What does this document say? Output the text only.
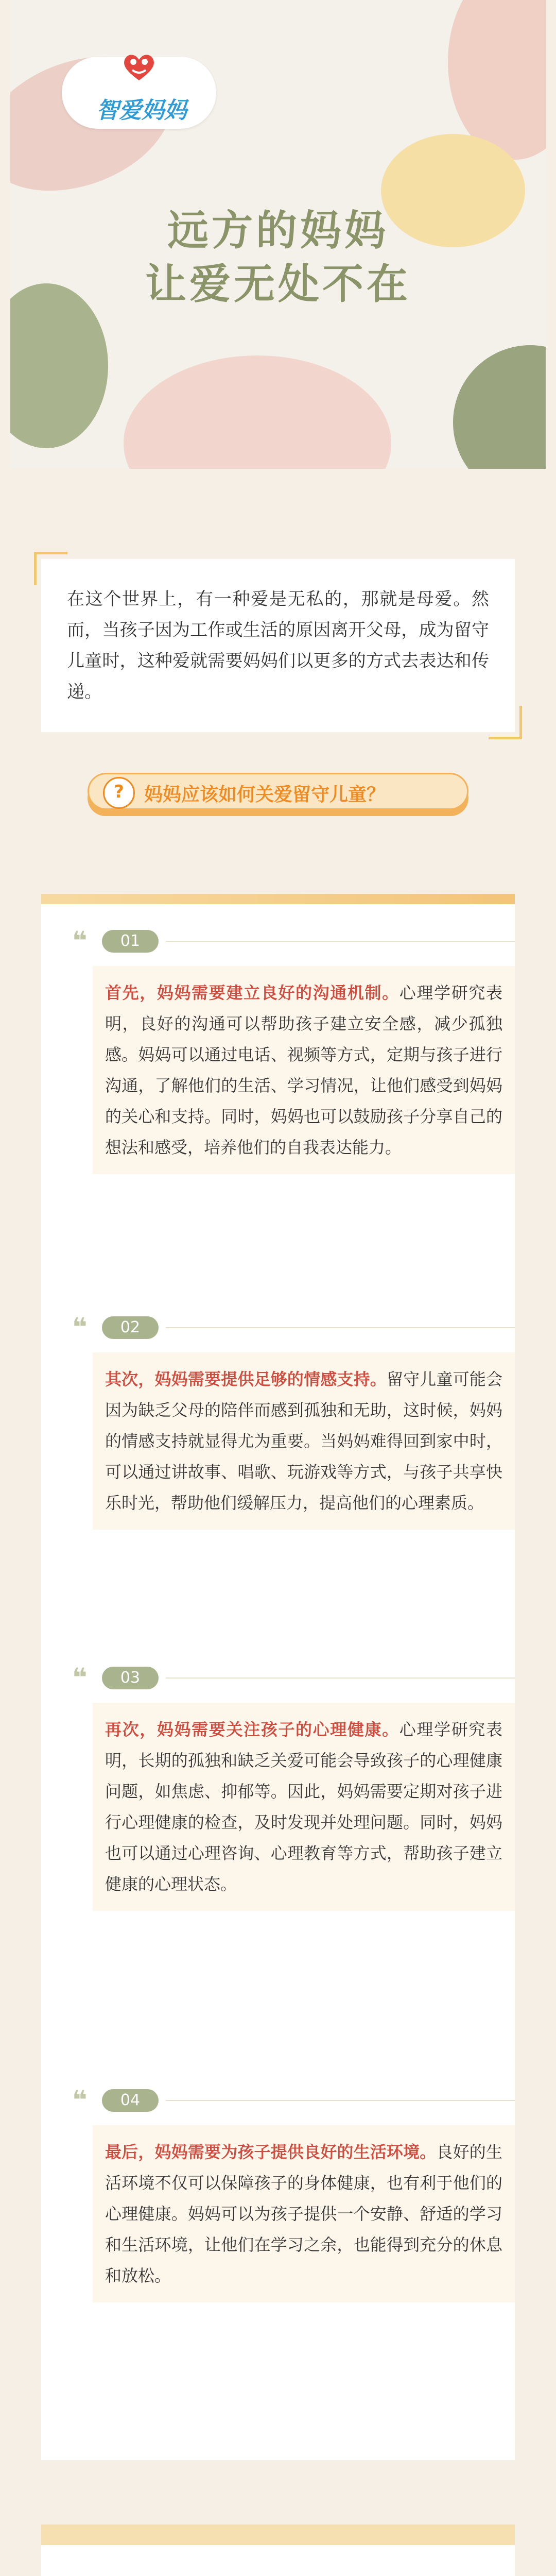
智爱妈妈
远方的妈妈
让爱无处不在
在这个世界上，有一种爱是无私的，那就是母爱。然而，当孩子因为工作或生活的原因离开父母，成为留守儿童时，这种爱就需要妈妈们以更多的方式去表达和传递。
?	妈妈应该如何关爱留守儿童？
❝	01
首先，妈妈需要建立良好的沟通机制。心理学研究表明，良好的沟通可以帮助孩子建立安全感，减少孤独感。妈妈可以通过电话、视频等方式，定期与孩子进行沟通，了解他们的生活、学习情况，让他们感受到妈妈的关心和支持。同时，妈妈也可以鼓励孩子分享自己的想法和感受，培养他们的自我表达能力。
❝	02
其次，妈妈需要提供足够的情感支持。留守儿童可能会因为缺乏父母的陪伴而感到孤独和无助，这时候，妈妈的情感支持就显得尤为重要。当妈妈难得回到家中时，可以通过讲故事、唱歌、玩游戏等方式，与孩子共享快乐时光，帮助他们缓解压力，提高他们的心理素质。
❝	03
再次，妈妈需要关注孩子的心理健康。心理学研究表明，长期的孤独和缺乏关爱可能会导致孩子的心理健康问题，如焦虑、抑郁等。因此，妈妈需要定期对孩子进行心理健康的检查，及时发现并处理问题。同时，妈妈也可以通过心理咨询、心理教育等方式，帮助孩子建立健康的心理状态。
❝	04
最后，妈妈需要为孩子提供良好的生活环境。良好的生活环境不仅可以保障孩子的身体健康，也有利于他们的心理健康。妈妈可以为孩子提供一个安静、舒适的学习和生活环境，让他们在学习之余，也能得到充分的休息和放松。
